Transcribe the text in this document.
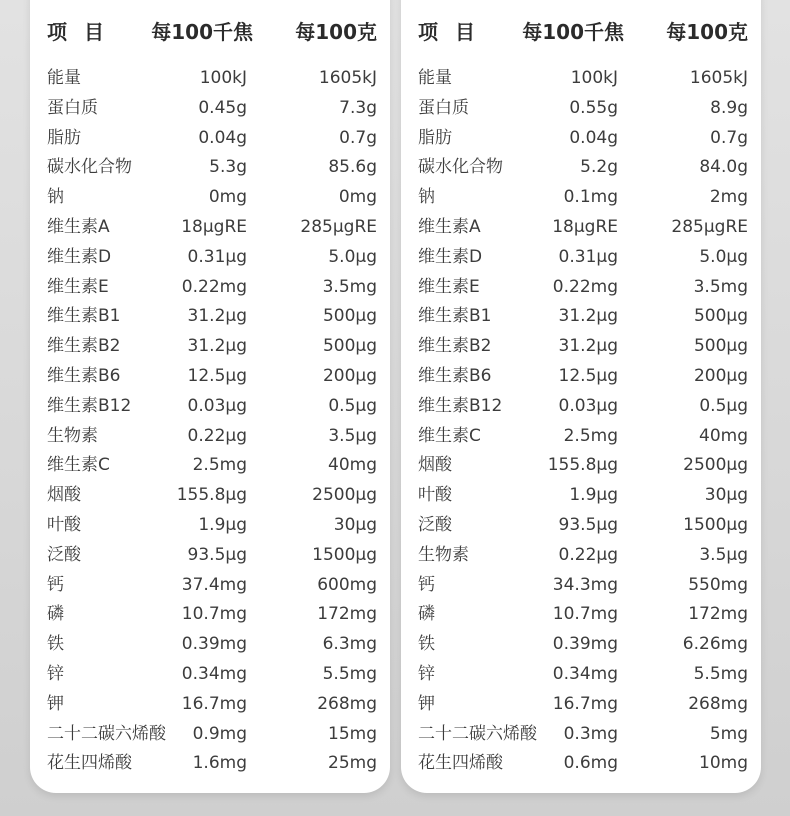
项 目 每100千焦 每100克
能量	100kJ	1605kJ
蛋白质	0.45g	7.3g
脂肪	0.04g	0.7g
碳水化合物	5.3g	85.6g
钠	0mg	0mg
维生素A	18μgRE	285μgRE
维生素D	0.31μg	5.0μg
维生素E	0.22mg	3.5mg
维生素B1	31.2μg	500μg
维生素B2	31.2μg	500μg
维生素B6	12.5μg	200μg
维生素B12	0.03μg	0.5μg
生物素	0.22μg	3.5μg
维生素C	2.5mg	40mg
烟酸	155.8μg	2500μg
叶酸	1.9μg	30μg
泛酸	93.5μg	1500μg
钙	37.4mg	600mg
磷	10.7mg	172mg
铁	0.39mg	6.3mg
锌	0.34mg	5.5mg
钾	16.7mg	268mg
二十二碳六烯酸 0.9mg	15mg
花生四烯酸	1.6mg	25mg
项 目 每100千焦 每100克
能量	100kJ	1605kJ
蛋白质	0.55g	8.9g
脂肪	0.04g	0.7g
碳水化合物	5.2g	84.0g
钠	0.1mg	2mg
维生素A	18μgRE	285μgRE
维生素D	0.31μg	5.0μg
维生素E	0.22mg	3.5mg
维生素B1	31.2μg	500μg
维生素B2	31.2μg	500μg
维生素B6	12.5μg	200μg
维生素B12	0.03μg	0.5μg
维生素C	2.5mg	40mg
烟酸	155.8μg	2500μg
叶酸	1.9μg	30μg
泛酸	93.5μg	1500μg
生物素	0.22μg	3.5μg
钙	34.3mg	550mg
磷	10.7mg	172mg
铁	0.39mg	6.26mg
锌	0.34mg	5.5mg
钾	16.7mg	268mg
二十二碳六烯酸 0.3mg	5mg
花生四烯酸	0.6mg	10mg
